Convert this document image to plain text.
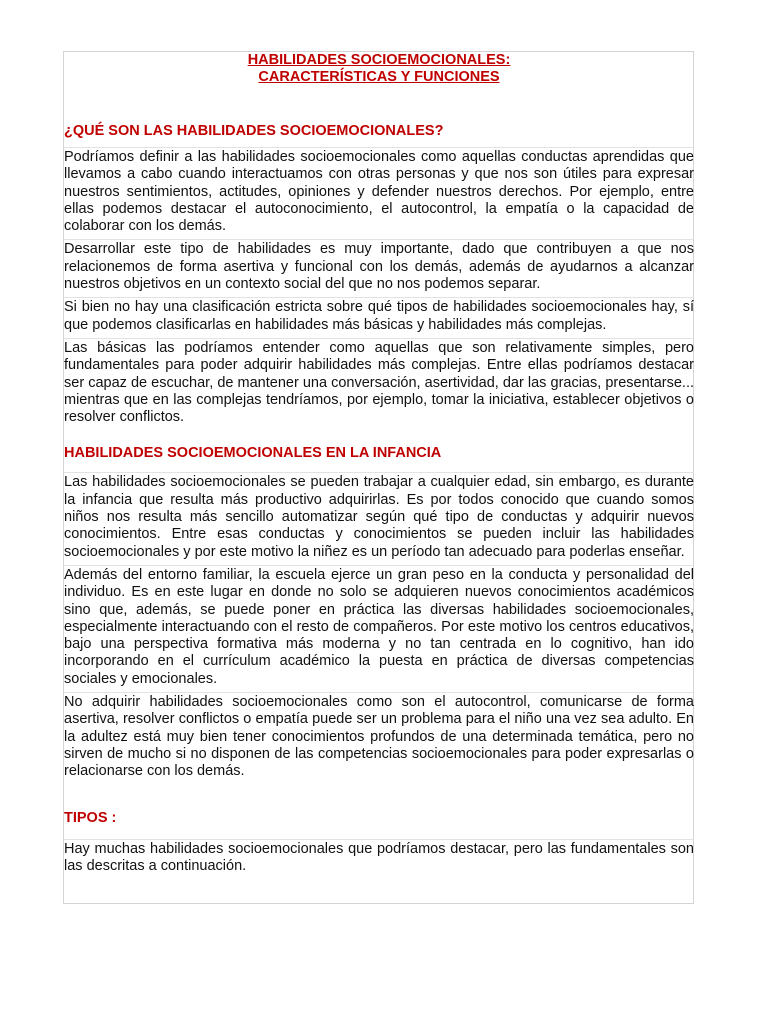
HABILIDADES SOCIOEMOCIONALES:
CARACTERÍSTICAS Y FUNCIONES
¿QUÉ SON LAS HABILIDADES SOCIOEMOCIONALES?

Podríamos definir a las habilidades socioemocionales como aquellas conductas aprendidas que llevamos a cabo cuando interactuamos con otras personas y que nos son útiles para expresar nuestros sentimientos, actitudes, opiniones y defender nuestros derechos. Por ejemplo, entre ellas podemos destacar el autoconocimiento, el autocontrol, la empatía o la capacidad de colaborar con los demás.

Desarrollar este tipo de habilidades es muy importante, dado que contribuyen a que nos relacionemos de forma asertiva y funcional con los demás, además de ayudarnos a alcanzar nuestros objetivos en un contexto social del que no nos podemos separar.

Si bien no hay una clasificación estricta sobre qué tipos de habilidades socioemocionales hay, sí que podemos clasificarlas en habilidades más básicas y habilidades más complejas.

Las básicas las podríamos entender como aquellas que son relativamente simples, pero fundamentales para poder adquirir habilidades más complejas. Entre ellas podríamos destacar ser capaz de escuchar, de mantener una conversación, asertividad, dar las gracias, presentarse... mientras que en las complejas tendríamos, por ejemplo, tomar la iniciativa, establecer objetivos o resolver conflictos.

HABILIDADES SOCIOEMOCIONALES EN LA INFANCIA

Las habilidades socioemocionales se pueden trabajar a cualquier edad, sin embargo, es durante la infancia que resulta más productivo adquirirlas. Es por todos conocido que cuando somos niños nos resulta más sencillo automatizar según qué tipo de conductas y adquirir nuevos conocimientos. Entre esas conductas y conocimientos se pueden incluir las habilidades socioemocionales y por este motivo la niñez es un período tan adecuado para poderlas enseñar.

Además del entorno familiar, la escuela ejerce un gran peso en la conducta y personalidad del individuo. Es en este lugar en donde no solo se adquieren nuevos conocimientos académicos sino que, además, se puede poner en práctica las diversas habilidades socioemocionales, especialmente interactuando con el resto de compañeros. Por este motivo los centros educativos, bajo una perspectiva formativa más moderna y no tan centrada en lo cognitivo, han ido incorporando en el currículum académico la puesta en práctica de diversas competencias sociales y emocionales.

No adquirir habilidades socioemocionales como son el autocontrol, comunicarse de forma asertiva, resolver conflictos o empatía puede ser un problema para el niño una vez sea adulto. En la adultez está muy bien tener conocimientos profundos de una determinada temática, pero no sirven de mucho si no disponen de las competencias socioemocionales para poder expresarlas o relacionarse con los demás.

TIPOS :

Hay muchas habilidades socioemocionales que podríamos destacar, pero las fundamentales son las descritas a continuación.
